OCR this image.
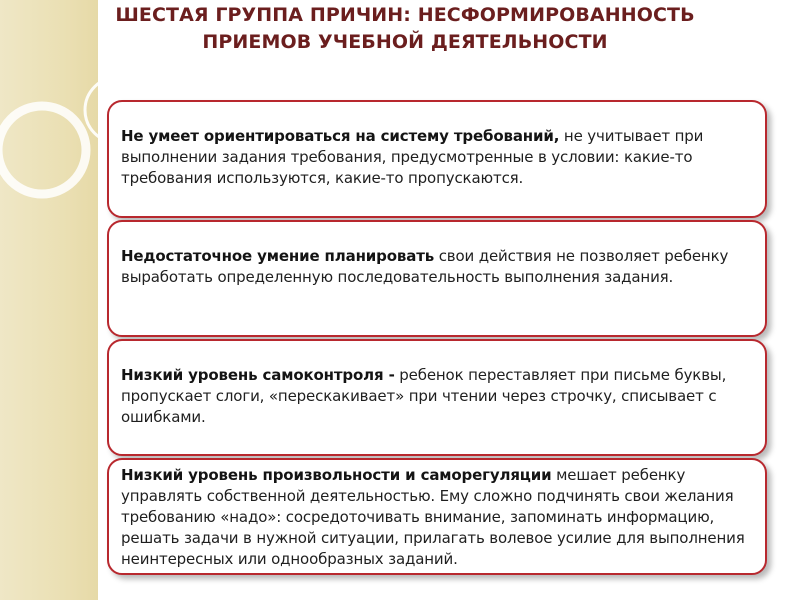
ШЕСТАЯ ГРУППА ПРИЧИН: НЕСФОРМИРОВАННОСТЬ
ПРИЕМОВ УЧЕБНОЙ ДЕЯТЕЛЬНОСТИ
Не умеет ориентироваться на систему требований, не учитывает при выполнении задания требования, предусмотренные в условии: какие-то требования используются, какие-то пропускаются.
Недостаточное умение планировать свои действия не позволяет ребенку выработать определенную последовательность выполнения задания.
Низкий уровень самоконтроля - ребенок переставляет при письме буквы, пропускает слоги, «перескакивает» при чтении через строчку, списывает с ошибками.
Низкий уровень произвольности и саморегуляции мешает ребенку управлять собственной деятельностью. Ему сложно подчинять свои желания требованию «надо»: сосредоточивать внимание, запоминать информацию, решать задачи в нужной ситуации, прилагать волевое усилие для выполнения неинтересных или однообразных заданий.
